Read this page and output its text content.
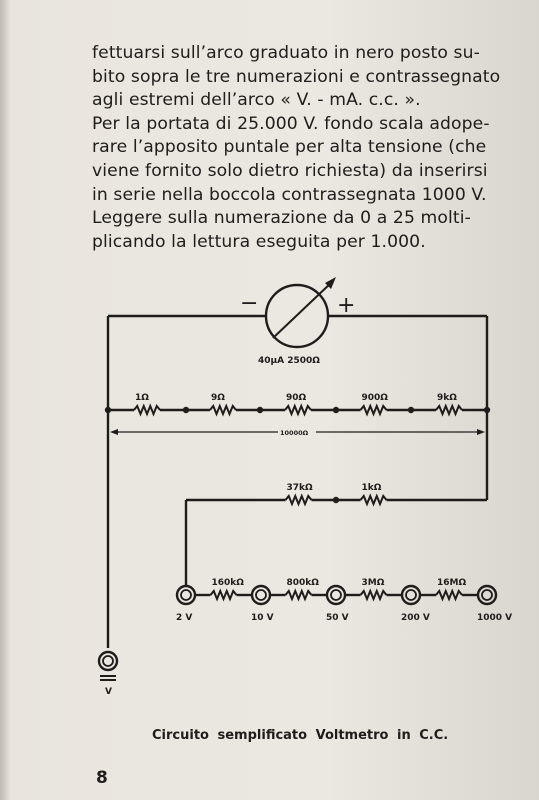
fettuarsi sull’arco graduato in nero posto su-
bito sopra le tre numerazioni e contrassegnato
agli estremi dell’arco « V. - mA. c.c. ».
Per la portata di 25.000 V. fondo scala adope-
rare l’apposito puntale per alta tensione (che
viene fornito solo dietro richiesta) da inserirsi
in serie nella boccola contrassegnata 1000 V.
Leggere sulla numerazione da 0 a 25 molti-
plicando la lettura eseguita per 1.000.
−	+
40µA 2500Ω
1Ω	9Ω	90Ω	900Ω	9kΩ
10000Ω
37kΩ	1kΩ
160kΩ	800kΩ	3MΩ	16MΩ
2 V	10 V	50 V	200 V	1000 V
V
Circuito semplificato Voltmetro in C.C.
8
